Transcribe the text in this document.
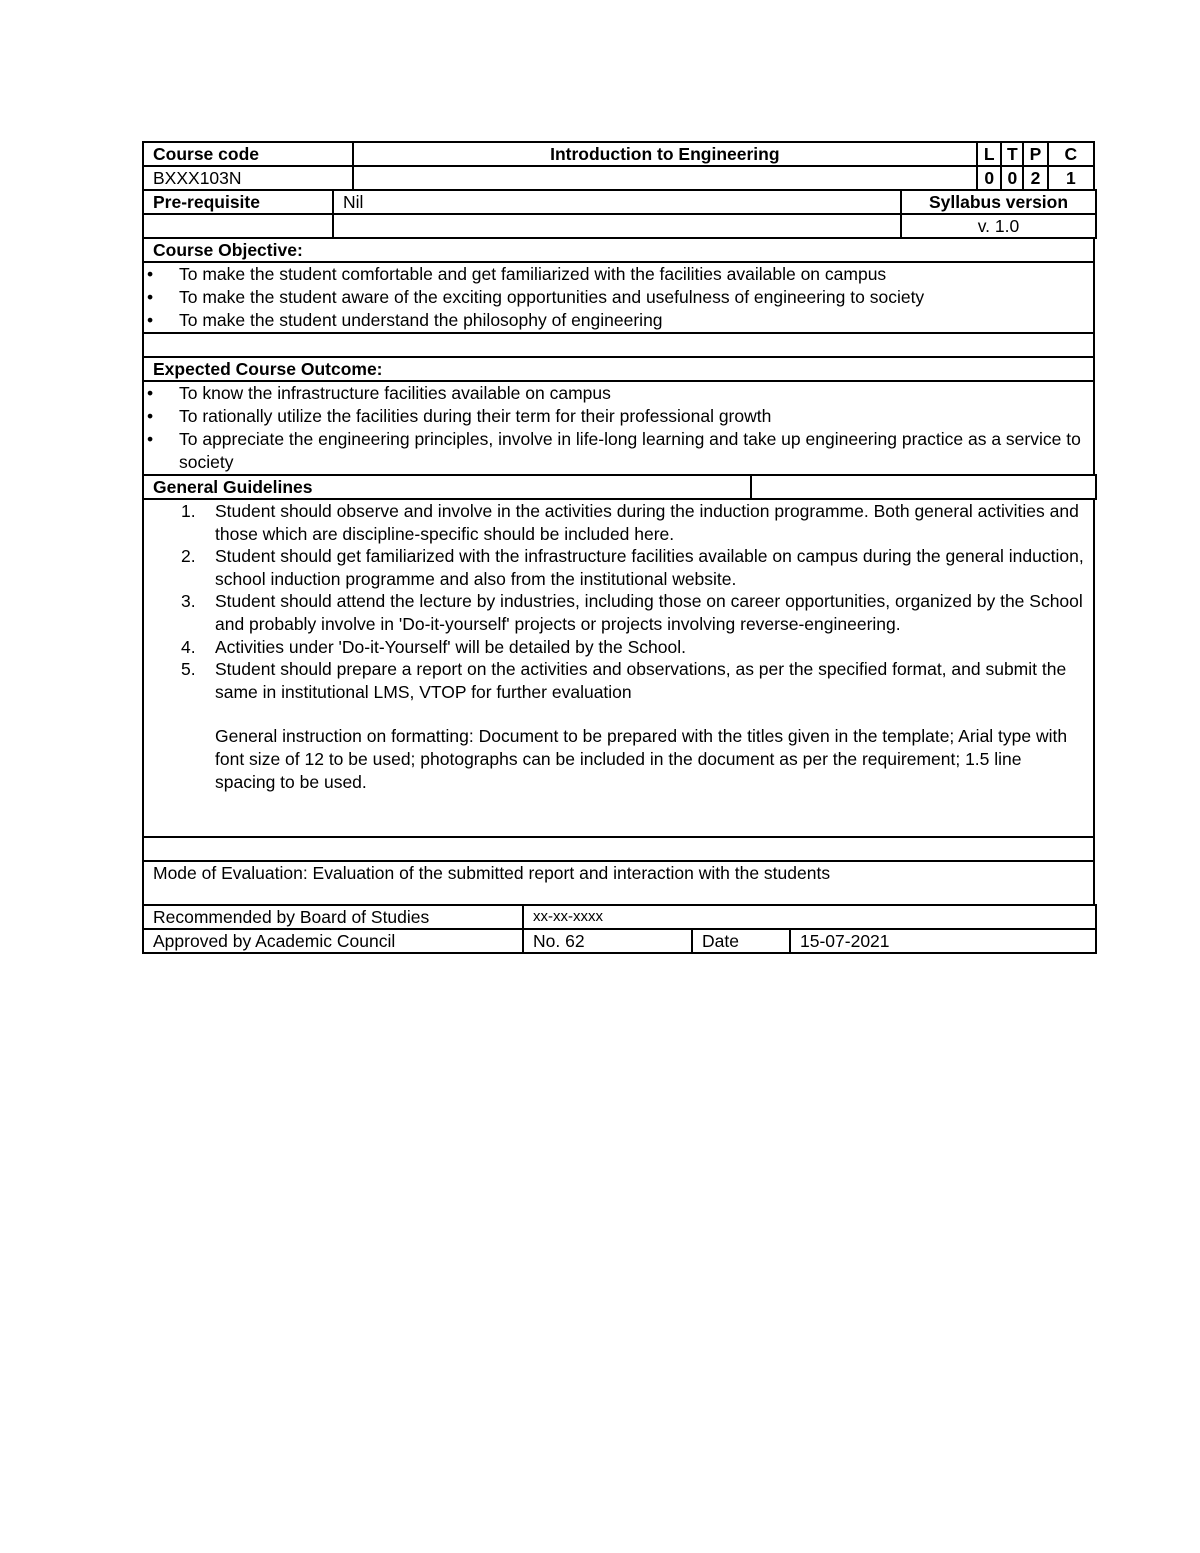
Course code	Introduction to Engineering	L	T	P	C
BXXX103N		0	0	2	1
Pre-requisite	Nil	Syllabus version
		v. 1.0
Course Objective:

• To make the student comfortable and get familiarized with the facilities available on campus
• To make the student aware of the exciting opportunities and usefulness of engineering to society
• To make the student understand the philosophy of engineering

Expected Course Outcome:

• To know the infrastructure facilities available on campus
• To rationally utilize the facilities during their term for their professional growth
• To appreciate the engineering principles, involve in life-long learning and take up engineering practice as a service to society
General Guidelines	
1. Student should observe and involve in the activities during the induction programme. Both general activities and those which are discipline-specific should be included here.
2. Student should get familiarized with the infrastructure facilities available on campus during the general induction, school induction programme and also from the institutional website.
3. Student should attend the lecture by industries, including those on career opportunities, organized by the School and probably involve in 'Do-it-yourself' projects or projects involving reverse-engineering.
4. Activities under 'Do-it-Yourself' will be detailed by the School.
5. Student should prepare a report on the activities and observations, as per the specified format, and submit the same in institutional LMS, VTOP for further evaluation
General instruction on formatting: Document to be prepared with the titles given in the template; Arial type with font size of 12 to be used; photographs can be included in the document as per the requirement; 1.5 line spacing to be used.

Mode of Evaluation: Evaluation of the submitted report and interaction with the students
Recommended by Board of Studies	xx-xx-xxxx		
Approved by Academic Council	No. 62	Date	15-07-2021
